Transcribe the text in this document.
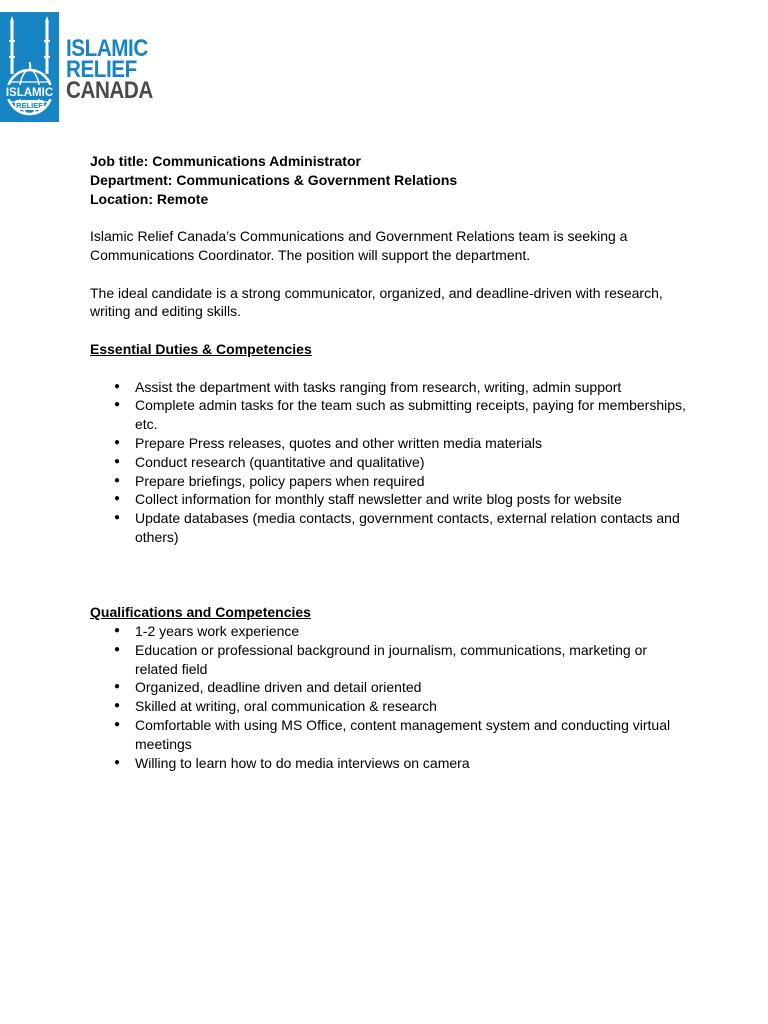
ISLAMIC
RELIEF
ISLAMIC
RELIEF
CANADA

Job title: Communications Administrator

Department: Communications & Government Relations

Location: Remote

Islamic Relief Canada’s Communications and Government Relations team is seeking a Communications Coordinator. The position will support the department.

The ideal candidate is a strong communicator, organized, and deadline-driven with research, writing and editing skills.

Essential Duties & Competencies

● Assist the department with tasks ranging from research, writing, admin support
● Complete admin tasks for the team such as submitting receipts, paying for memberships, etc.
● Prepare Press releases, quotes and other written media materials
● Conduct research (quantitative and qualitative)
● Prepare briefings, policy papers when required
● Collect information for monthly staff newsletter and write blog posts for website
● Update databases (media contacts, government contacts, external relation contacts and others)

Qualifications and Competencies

● 1-2 years work experience
● Education or professional background in journalism, communications, marketing or related field
● Organized, deadline driven and detail oriented
● Skilled at writing, oral communication & research
● Comfortable with using MS Office, content management system and conducting virtual meetings
● Willing to learn how to do media interviews on camera
